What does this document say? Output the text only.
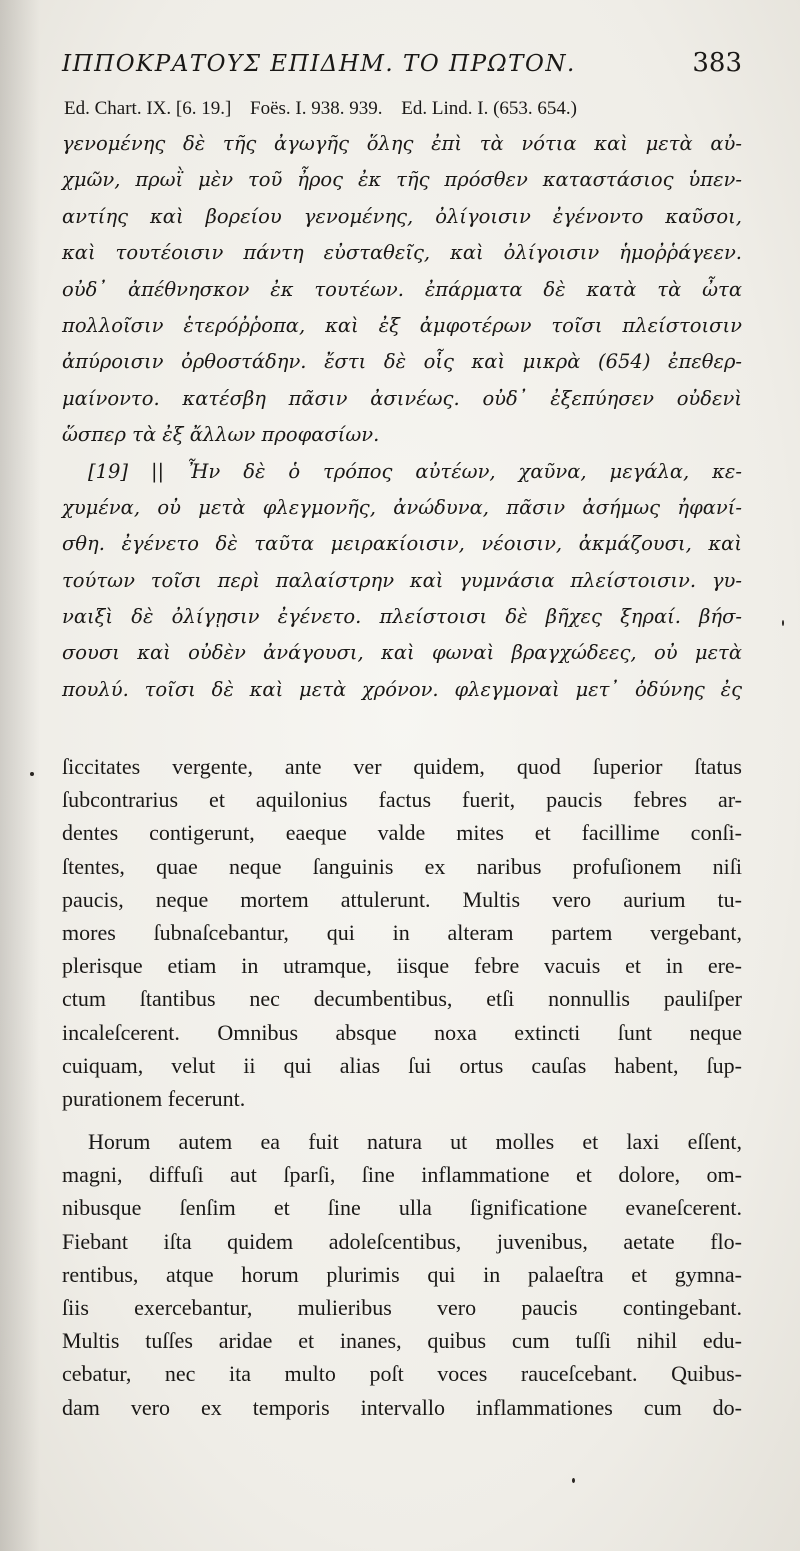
ΙΠΠΟΚΡΑΤΟΥΣ ΕΠΙΔΗΜ. ΤΟ ΠΡΩΤΟΝ.	383
Ed. Chart. IX. [6. 19.] Foës. I. 938. 939. Ed. Lind. I. (653. 654.)
γενομένης δὲ τῆς ἀγωγῆς ὅλης ἐπὶ τὰ νότια καὶ μετὰ αὐ-
χμῶν, πρωῒ μὲν τοῦ ἦρος ἐκ τῆς πρόσθεν καταστάσιος ὑπεν-
αντίης καὶ βορείου γενομένης, ὀλίγοισιν ἐγένοντο καῦσοι,
καὶ τουτέοισιν πάντη εὐσταθεῖς, καὶ ὀλίγοισιν ἡμοῤῥάγεεν.
οὐδ᾽ ἀπέθνησκον ἐκ τουτέων. ἐπάρματα δὲ κατὰ τὰ ὦτα
πολλοῖσιν ἑτερόῤῥοπα, καὶ ἐξ ἀμφοτέρων τοῖσι πλείστοισιν
ἀπύροισιν ὀρθοστάδην. ἔστι δὲ οἷς καὶ μικρὰ (654) ἐπεθερ-
μαίνοντο. κατέσβη πᾶσιν ἀσινέως. οὐδ᾽ ἐξεπύησεν οὐδενὶ
ὥσπερ τὰ ἐξ ἄλλων προφασίων.
[19] || Ἦν δὲ ὁ τρόπος αὐτέων, χαῦνα, μεγάλα, κε-
χυμένα, οὐ μετὰ φλεγμονῆς, ἀνώδυνα, πᾶσιν ἀσήμως ἠφανί-
σθη. ἐγένετο δὲ ταῦτα μειρακίοισιν, νέοισιν, ἀκμάζουσι, καὶ
τούτων τοῖσι περὶ παλαίστρην καὶ γυμνάσια πλείστοισιν. γυ-
ναιξὶ δὲ ὀλίγῃσιν ἐγένετο. πλείστοισι δὲ βῆχες ξηραί. βήσ-
σουσι καὶ οὐδὲν ἀνάγουσι, καὶ φωναὶ βραγχώδεες, οὐ μετὰ
πουλύ. τοῖσι δὲ καὶ μετὰ χρόνον. φλεγμοναὶ μετ᾽ ὀδύνης ἐς
ſiccitates vergente, ante ver quidem, quod ſuperior ſtatus
ſubcontrarius et aquilonius factus fuerit, paucis febres ar-
dentes contigerunt, eaeque valde mites et facillime conſi-
ſtentes, quae neque ſanguinis ex naribus profuſionem niſi
paucis, neque mortem attulerunt. Multis vero aurium tu-
mores ſubnaſcebantur, qui in alteram partem vergebant,
plerisque etiam in utramque, iisque febre vacuis et in ere-
ctum ſtantibus nec decumbentibus, etſi nonnullis pauliſper
incaleſcerent. Omnibus absque noxa extincti ſunt neque
cuiquam, velut ii qui alias ſui ortus cauſas habent, ſup-
purationem fecerunt.
Horum autem ea fuit natura ut molles et laxi eſſent,
magni, diffuſi aut ſparſi, ſine inflammatione et dolore, om-
nibusque ſenſim et ſine ulla ſignificatione evaneſcerent.
Fiebant iſta quidem adoleſcentibus, juvenibus, aetate flo-
rentibus, atque horum plurimis qui in palaeſtra et gymna-
ſiis exercebantur, mulieribus vero paucis contingebant.
Multis tuſſes aridae et inanes, quibus cum tuſſi nihil edu-
cebatur, nec ita multo poſt voces rauceſcebant. Quibus-
dam vero ex temporis intervallo inflammationes cum do-
